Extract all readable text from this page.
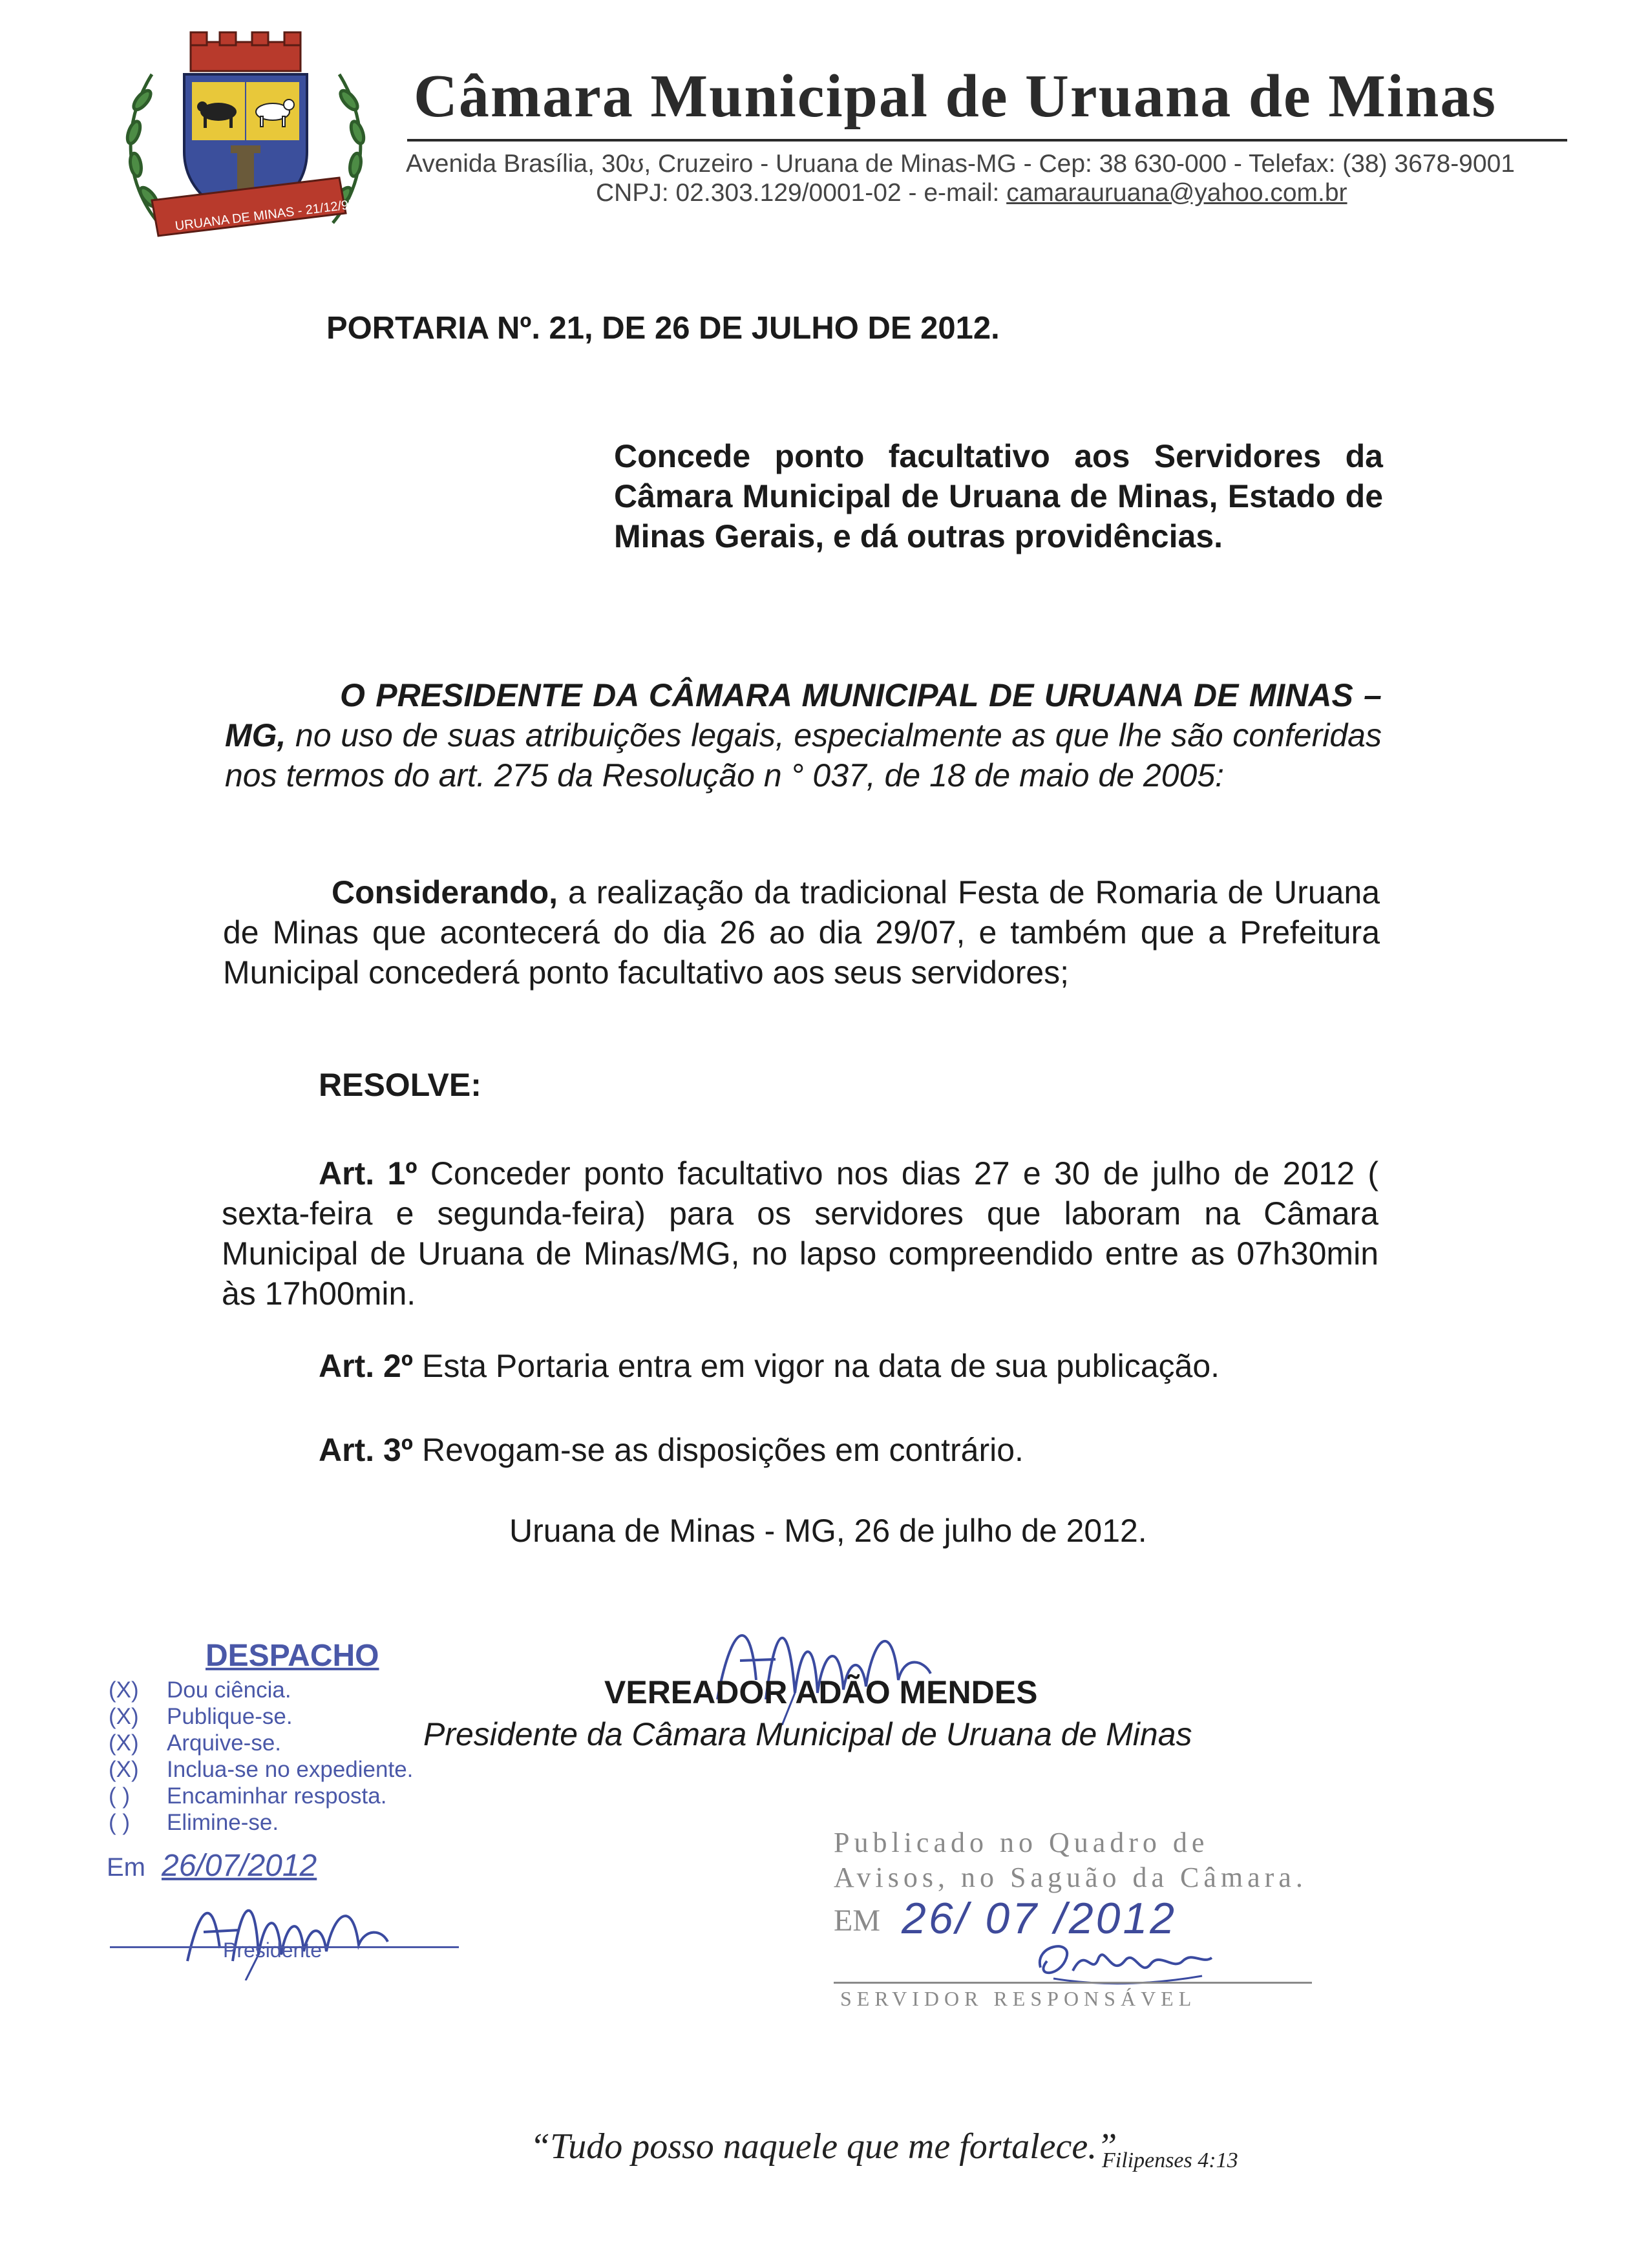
URUANA DE MINAS - 21/12/95
Câmara Municipal de Uruana de Minas
Avenida Brasília, 30ʊ, Cruzeiro - Uruana de Minas-MG - Cep: 38 630-000 - Telefax: (38) 3678-9001
CNPJ: 02.303.129/0001-02 - e-mail: camarauruana@yahoo.com.br
PORTARIA Nº. 21, DE 26 DE JULHO DE 2012.
Concede ponto facultativo aos Servidores da Câmara Municipal de Uruana de Minas, Estado de Minas Gerais, e dá outras providências.
O PRESIDENTE DA CÂMARA MUNICIPAL DE URUANA DE MINAS – MG, no uso de suas atribuições legais, especialmente as que lhe são conferidas nos termos do art. 275 da Resolução n ° 037, de 18 de maio de 2005:
Considerando, a realização da tradicional Festa de Romaria de Uruana de Minas que acontecerá do dia 26 ao dia 29/07, e também que a Prefeitura Municipal concederá ponto facultativo aos seus servidores;
RESOLVE:
Art. 1º Conceder ponto facultativo nos dias 27 e 30 de julho de 2012 ( sexta-feira e segunda-feira) para os servidores que laboram na Câmara Municipal de Uruana de Minas/MG, no lapso compreendido entre as 07h30min às 17h00min.
Art. 2º Esta Portaria entra em vigor na data de sua publicação.
Art. 3º Revogam-se as disposições em contrário.
Uruana de Minas - MG, 26 de julho de 2012.
VEREADOR ADÃO MENDES
Presidente da Câmara Municipal de Uruana de Minas
DESPACHO
(X) Dou ciência.
(X) Publique-se.
(X) Arquive-se.
(X) Inclua-se no expediente.
( ) Encaminhar resposta.
( ) Elimine-se.
Em 26/07/2012
Presidente
Publicado no Quadro de
Avisos, no Saguão da Câmara.
EM 26/ 07 /2012
SERVIDOR RESPONSÁVEL
“Tudo posso naquele que me fortalece.”
Filipenses 4:13
